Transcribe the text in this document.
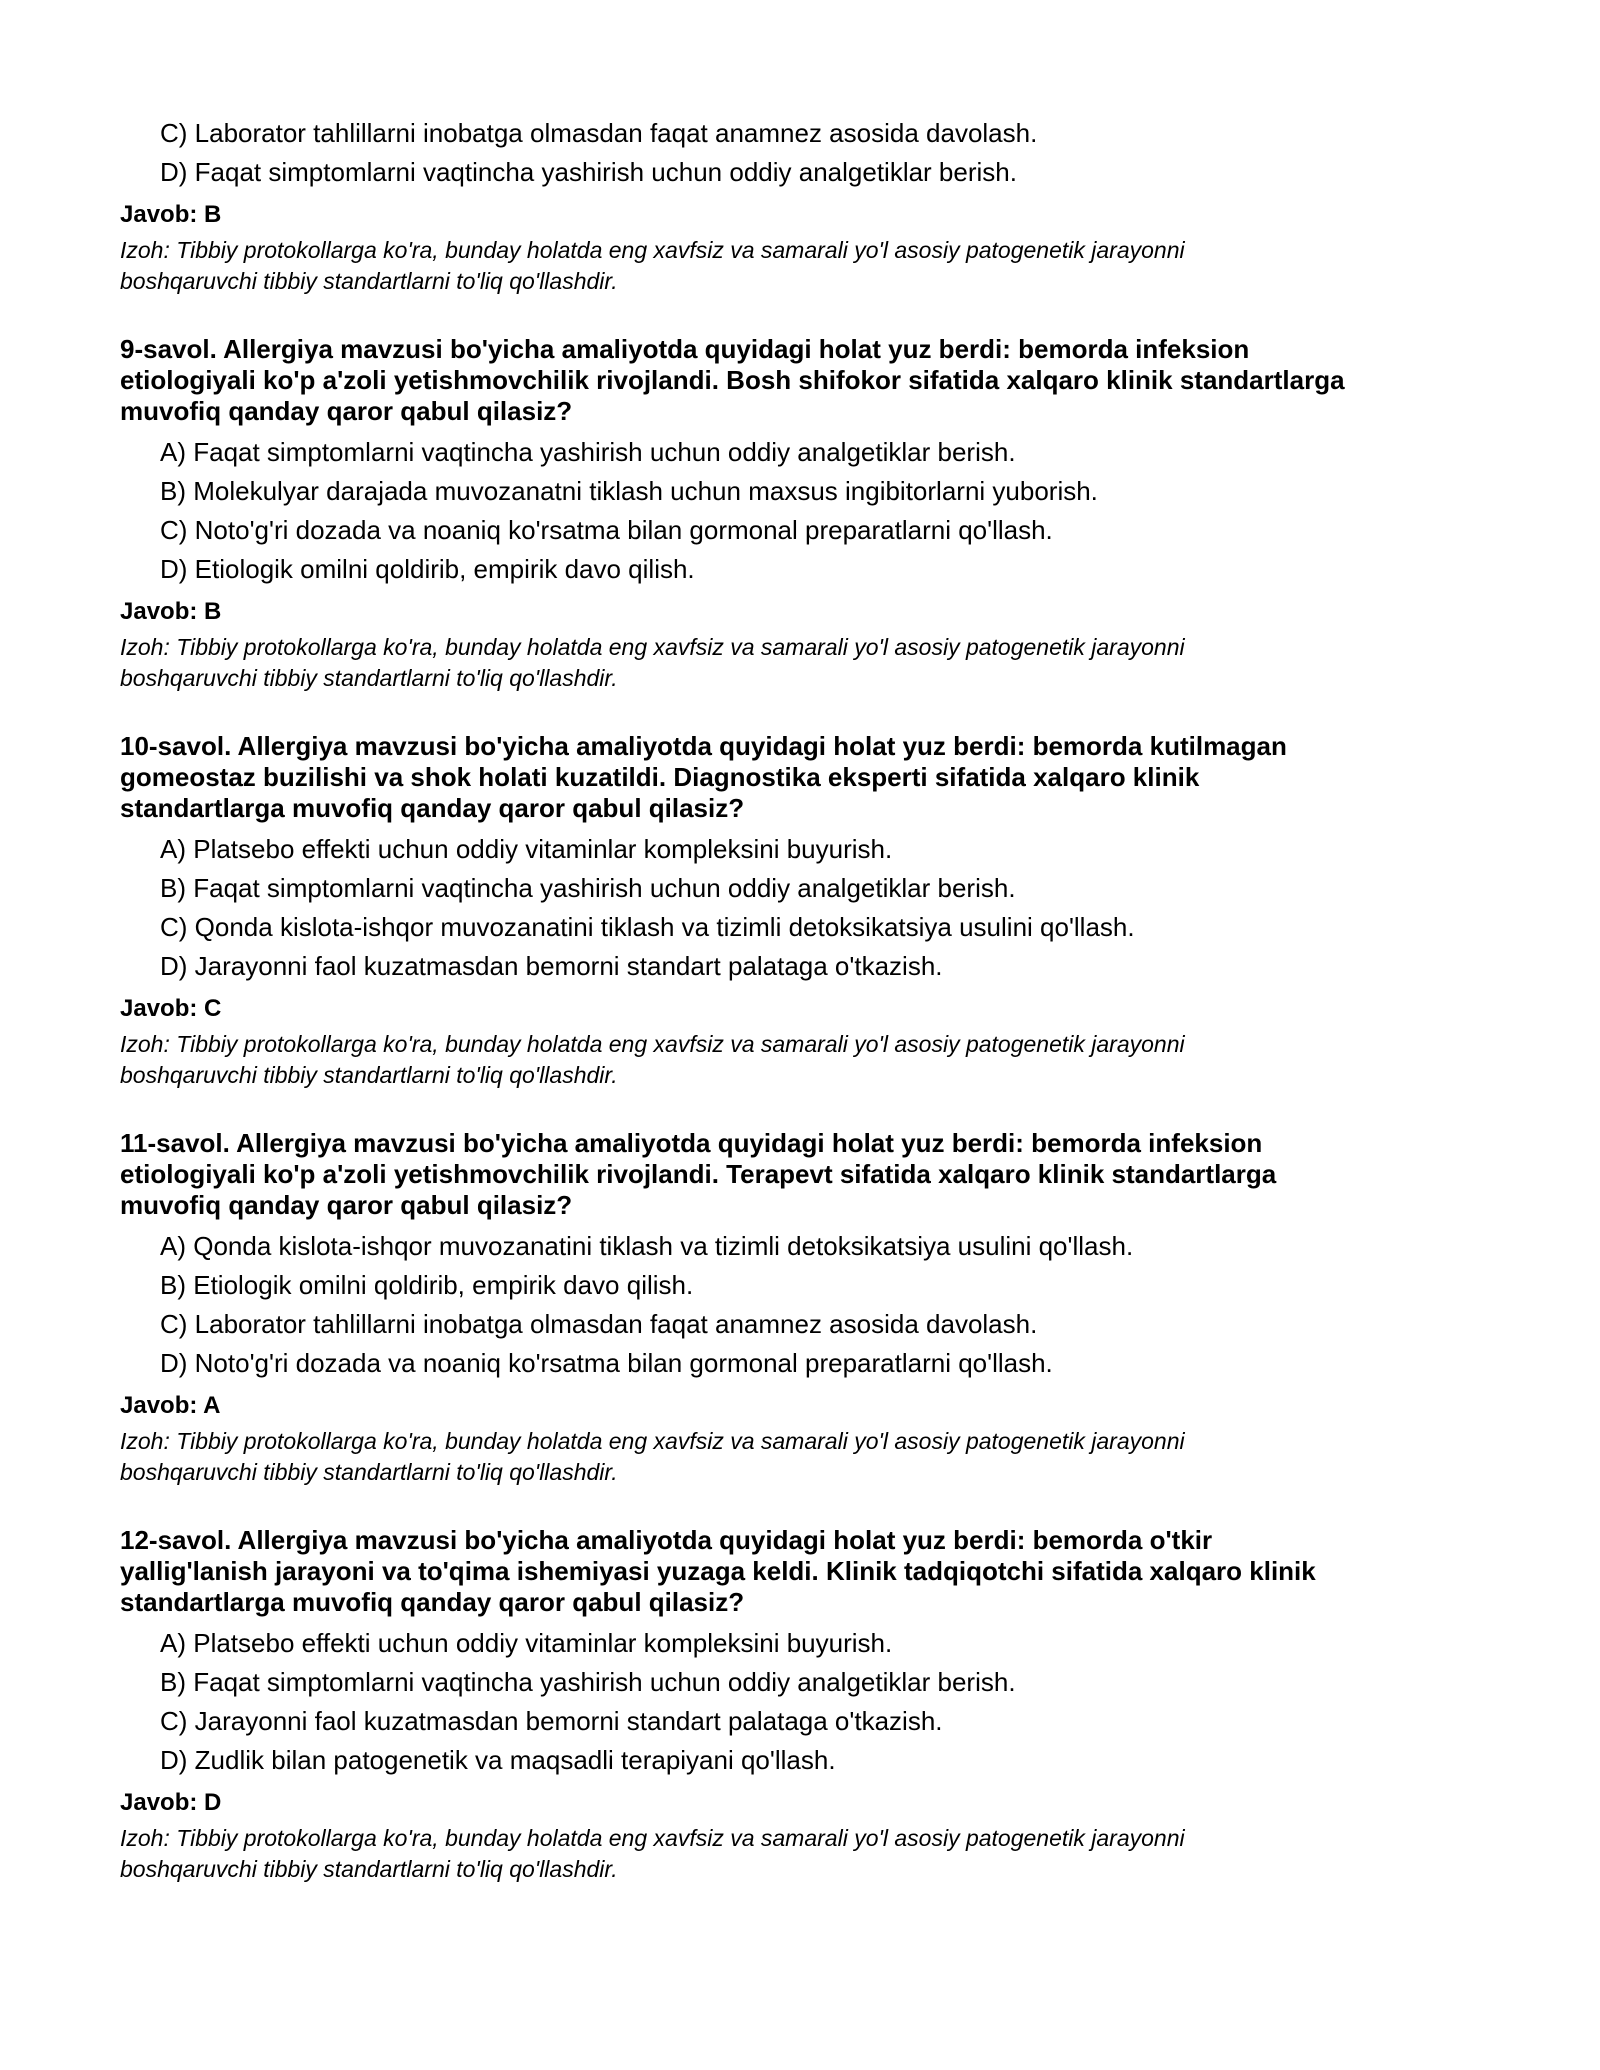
C) Laborator tahlillarni inobatga olmasdan faqat anamnez asosida davolash.
D) Faqat simptomlarni vaqtincha yashirish uchun oddiy analgetiklar berish.
Javob: B
Izoh: Tibbiy protokollarga ko'ra, bunday holatda eng xavfsiz va samarali yo'l asosiy patogenetik jarayonni
boshqaruvchi tibbiy standartlarni to'liq qo'llashdir.
9-savol. Allergiya mavzusi bo'yicha amaliyotda quyidagi holat yuz berdi: bemorda infeksion
etiologiyali ko'p a'zoli yetishmovchilik rivojlandi. Bosh shifokor sifatida xalqaro klinik standartlarga
muvofiq qanday qaror qabul qilasiz?
A) Faqat simptomlarni vaqtincha yashirish uchun oddiy analgetiklar berish.
B) Molekulyar darajada muvozanatni tiklash uchun maxsus ingibitorlarni yuborish.
C) Noto'g'ri dozada va noaniq ko'rsatma bilan gormonal preparatlarni qo'llash.
D) Etiologik omilni qoldirib, empirik davo qilish.
Javob: B
Izoh: Tibbiy protokollarga ko'ra, bunday holatda eng xavfsiz va samarali yo'l asosiy patogenetik jarayonni
boshqaruvchi tibbiy standartlarni to'liq qo'llashdir.
10-savol. Allergiya mavzusi bo'yicha amaliyotda quyidagi holat yuz berdi: bemorda kutilmagan
gomeostaz buzilishi va shok holati kuzatildi. Diagnostika eksperti sifatida xalqaro klinik
standartlarga muvofiq qanday qaror qabul qilasiz?
A) Platsebo effekti uchun oddiy vitaminlar kompleksini buyurish.
B) Faqat simptomlarni vaqtincha yashirish uchun oddiy analgetiklar berish.
C) Qonda kislota-ishqor muvozanatini tiklash va tizimli detoksikatsiya usulini qo'llash.
D) Jarayonni faol kuzatmasdan bemorni standart palataga o'tkazish.
Javob: C
Izoh: Tibbiy protokollarga ko'ra, bunday holatda eng xavfsiz va samarali yo'l asosiy patogenetik jarayonni
boshqaruvchi tibbiy standartlarni to'liq qo'llashdir.
11-savol. Allergiya mavzusi bo'yicha amaliyotda quyidagi holat yuz berdi: bemorda infeksion
etiologiyali ko'p a'zoli yetishmovchilik rivojlandi. Terapevt sifatida xalqaro klinik standartlarga
muvofiq qanday qaror qabul qilasiz?
A) Qonda kislota-ishqor muvozanatini tiklash va tizimli detoksikatsiya usulini qo'llash.
B) Etiologik omilni qoldirib, empirik davo qilish.
C) Laborator tahlillarni inobatga olmasdan faqat anamnez asosida davolash.
D) Noto'g'ri dozada va noaniq ko'rsatma bilan gormonal preparatlarni qo'llash.
Javob: A
Izoh: Tibbiy protokollarga ko'ra, bunday holatda eng xavfsiz va samarali yo'l asosiy patogenetik jarayonni
boshqaruvchi tibbiy standartlarni to'liq qo'llashdir.
12-savol. Allergiya mavzusi bo'yicha amaliyotda quyidagi holat yuz berdi: bemorda o'tkir
yallig'lanish jarayoni va to'qima ishemiyasi yuzaga keldi. Klinik tadqiqotchi sifatida xalqaro klinik
standartlarga muvofiq qanday qaror qabul qilasiz?
A) Platsebo effekti uchun oddiy vitaminlar kompleksini buyurish.
B) Faqat simptomlarni vaqtincha yashirish uchun oddiy analgetiklar berish.
C) Jarayonni faol kuzatmasdan bemorni standart palataga o'tkazish.
D) Zudlik bilan patogenetik va maqsadli terapiyani qo'llash.
Javob: D
Izoh: Tibbiy protokollarga ko'ra, bunday holatda eng xavfsiz va samarali yo'l asosiy patogenetik jarayonni
boshqaruvchi tibbiy standartlarni to'liq qo'llashdir.
